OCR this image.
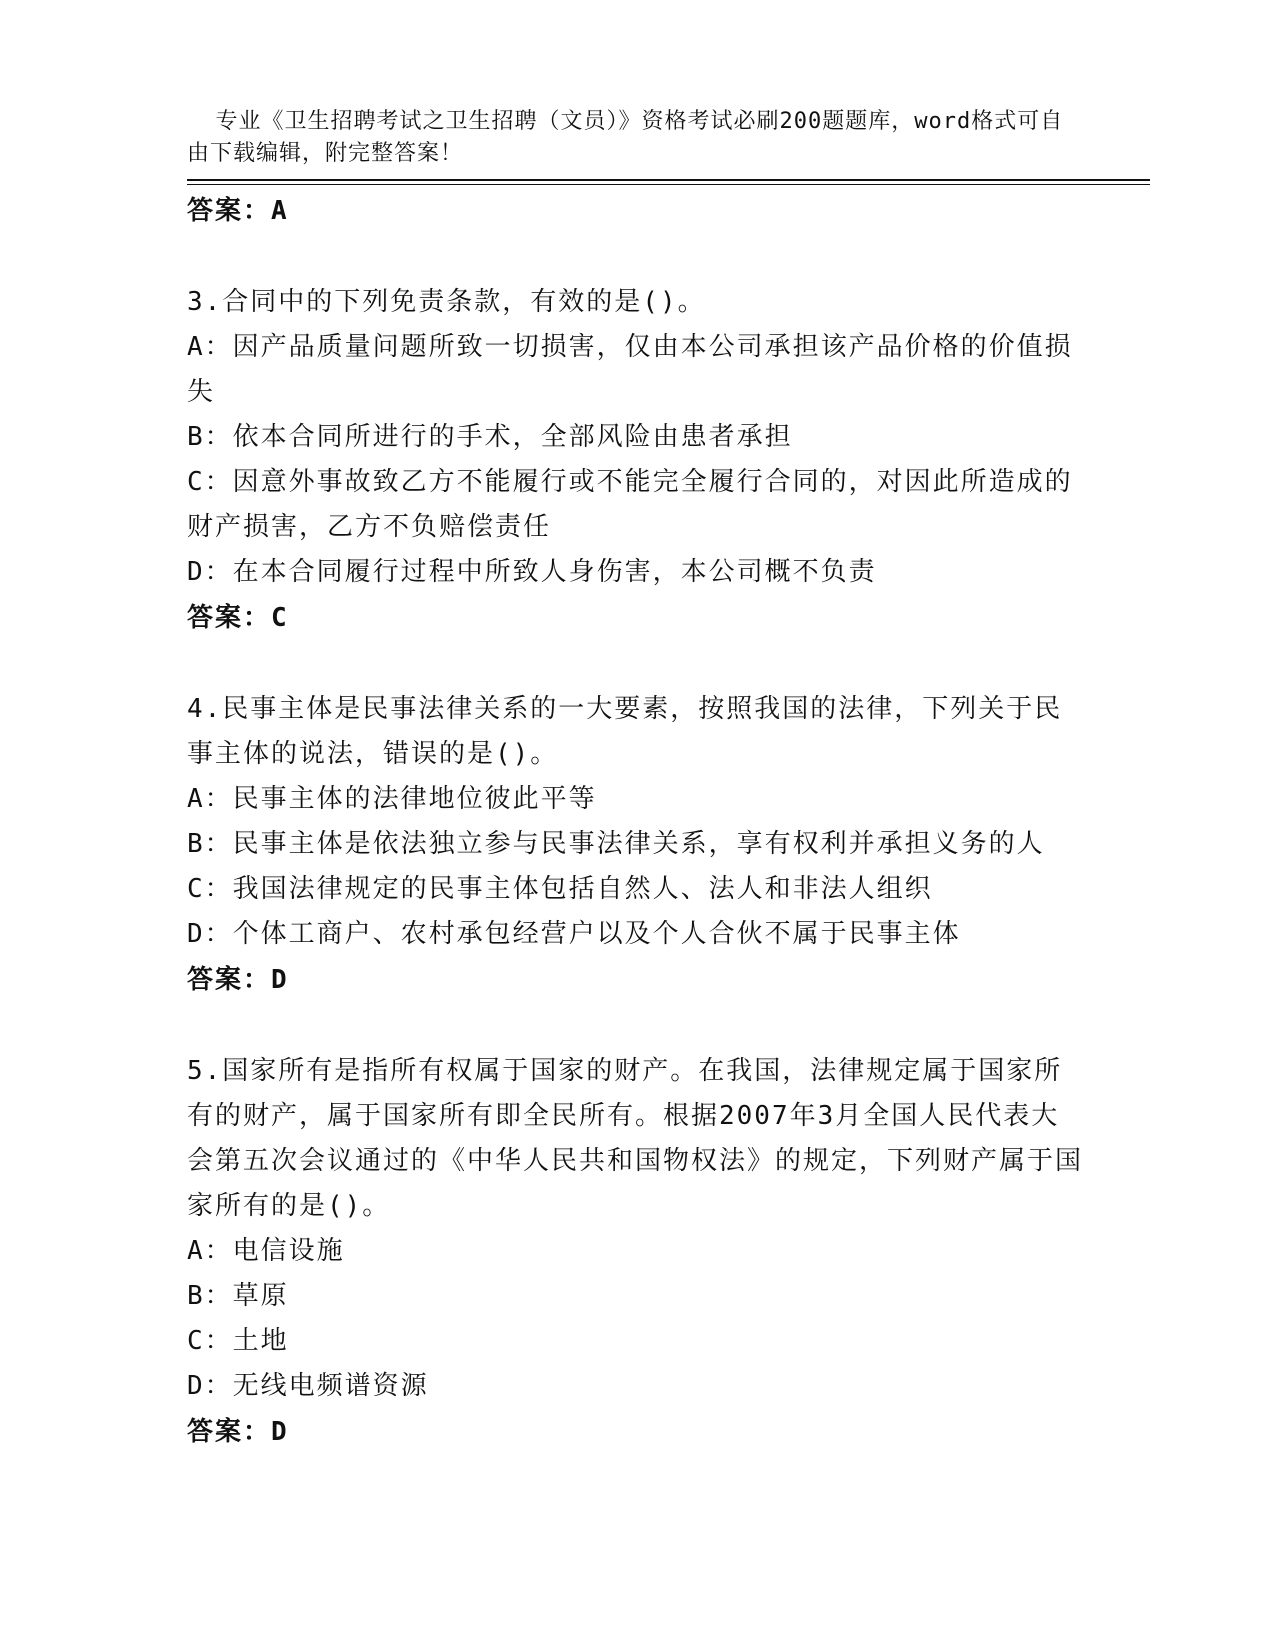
专业《卫生招聘考试之卫生招聘（文员）》资格考试必刷200题题库，word格式可自由下载编辑，附完整答案！

答案：A

3.合同中的下列免责条款，有效的是()。

A：因产品质量问题所致一切损害，仅由本公司承担该产品价格的价值损失

B：依本合同所进行的手术，全部风险由患者承担

C：因意外事故致乙方不能履行或不能完全履行合同的，对因此所造成的财产损害，乙方不负赔偿责任

D：在本合同履行过程中所致人身伤害，本公司概不负责

答案：C

4.民事主体是民事法律关系的一大要素，按照我国的法律，下列关于民事主体的说法，错误的是()。

A：民事主体的法律地位彼此平等

B：民事主体是依法独立参与民事法律关系，享有权利并承担义务的人

C：我国法律规定的民事主体包括自然人、法人和非法人组织

D：个体工商户、农村承包经营户以及个人合伙不属于民事主体

答案：D

5.国家所有是指所有权属于国家的财产。在我国，法律规定属于国家所有的财产，属于国家所有即全民所有。根据2007年3月全国人民代表大会第五次会议通过的《中华人民共和国物权法》的规定，下列财产属于国家所有的是()。

A：电信设施

B：草原

C：土地

D：无线电频谱资源

答案：D
